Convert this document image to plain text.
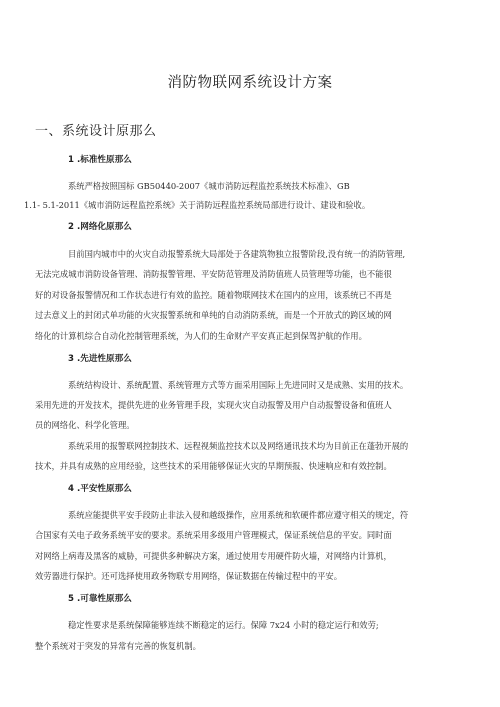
消防物联网系统设计方案
一、系统设计原那么
1 .标准性原那么
系统严格按照国标 GB50440-2007《城市消防远程监控系统技术标准》、GB
1.1- 5.1-2011《城市消防远程监控系统》关于消防远程监控系统局部进行设计、建设和验收。
2 .网络化原那么
目前国内城市中的火灾自动报警系统大局部处于各建筑物独立报警阶段,没有统一的消防管理,
无法完成城市消防设备管理、消防报警管理、平安防范管理及消防值班人员管理等功能，也不能很
好的对设备报警情况和工作状态进行有效的监控。随着物联网技术在国内的应用，该系统已不再是
过去意义上的封闭式单功能的火灾报警系统和单纯的自动消防系统，而是一个开放式的跨区域的网
络化的计算机综合自动化控制管理系统，为人们的生命财产平安真正起到保驾护航的作用。
3 .先进性原那么
系统结构设计、系统配置、系统管理方式等方面采用国际上先进同时又是成熟、实用的技术。
采用先进的开发技术，提供先进的业务管理手段，实现火灾自动报警及用户自动报警设备和值班人
员的网络化、科学化管理。
系统采用的报警联网控制技术、远程视频监控技术以及网络通讯技术均为目前正在蓬勃开展的
技术，并具有成熟的应用经验，这些技术的采用能够保证火灾的早期预报、快速响应和有效控制。
4 .平安性原那么
系统应能提供平安手段防止非法入侵和越级操作，应用系统和软硬件都应遵守相关的规定，符
合国家有关电子政务系统平安的要求。系统采用多级用户管理模式，保证系统信息的平安。同时面
对网络上病毒及黑客的威胁，可提供多种解决方案，通过使用专用硬件防火墙，对网络内计算机，
效劳器进行保护。还可选择使用政务物联专用网络，保证数据在传输过程中的平安。
5 .可靠性原那么
稳定性要求是系统保障能够连续不断稳定的运行。保障 7x24 小时的稳定运行和效劳;
整个系统对于突发的异常有完善的恢复机制。
